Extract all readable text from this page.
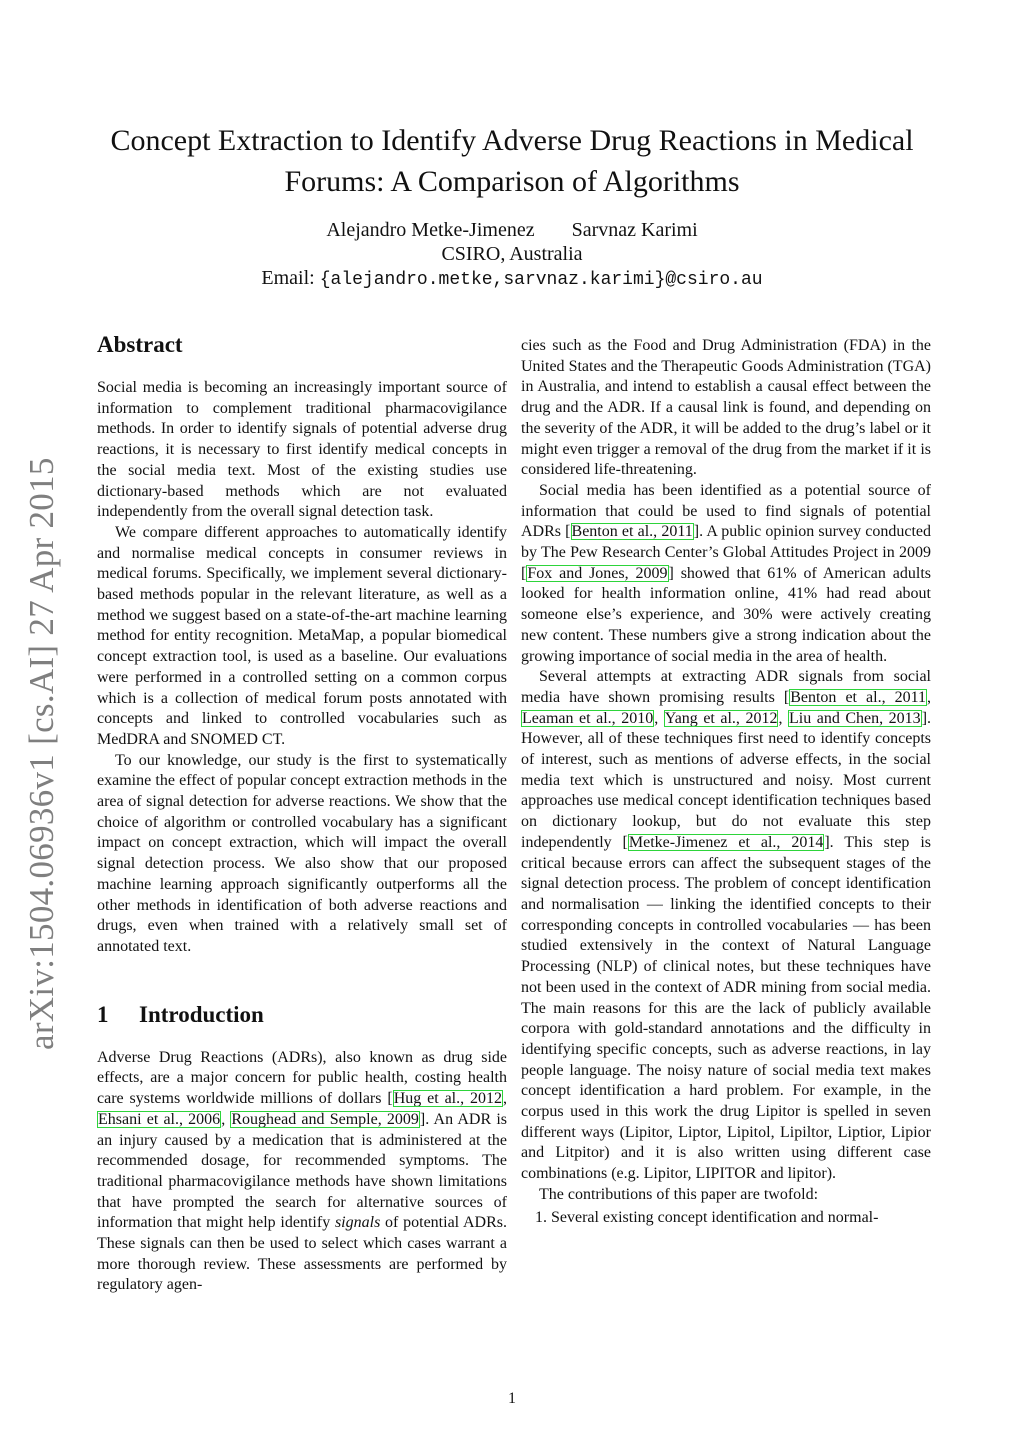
arXiv:1504.06936v1 [cs.AI] 27 Apr 2015
Concept Extraction to Identify Adverse Drug Reactions in Medical Forums: A Comparison of Algorithms
Alejandro Metke-Jimenez Sarvnaz Karimi
CSIRO, Australia
Email: {alejandro.metke,sarvnaz.karimi}@csiro.au
Abstract

Social media is becoming an increasingly important source of information to complement traditional pharmacovigilance methods. In order to identify signals of potential adverse drug reactions, it is necessary to first identify medical concepts in the social media text. Most of the existing studies use dictionary-based methods which are not evaluated independently from the overall signal detection task.

We compare different approaches to automatically identify and normalise medical concepts in consumer reviews in medical forums. Specifically, we implement several dictionary-based methods popular in the relevant literature, as well as a method we suggest based on a state-of-the-art machine learning method for entity recognition. MetaMap, a popular biomedical concept extraction tool, is used as a baseline. Our evaluations were performed in a controlled setting on a common corpus which is a collection of medical forum posts annotated with concepts and linked to controlled vocabularies such as MedDRA and SNOMED CT.

To our knowledge, our study is the first to systematically examine the effect of popular concept extraction methods in the area of signal detection for adverse reactions. We show that the choice of algorithm or controlled vocabulary has a significant impact on concept extraction, which will impact the overall signal detection process. We also show that our proposed machine learning approach significantly outperforms all the other methods in identification of both adverse reactions and drugs, even when trained with a relatively small set of annotated text.

1 Introduction

Adverse Drug Reactions (ADRs), also known as drug side effects, are a major concern for public health, costing health care systems worldwide millions of dollars [Hug et al., 2012, Ehsani et al., 2006, Roughead and Semple, 2009]. An ADR is an injury caused by a medication that is administered at the recommended dosage, for recommended symptoms. The traditional pharmacovigilance methods have shown limitations that have prompted the search for alternative sources of information that might help identify signals of potential ADRs. These signals can then be used to select which cases warrant a more thorough review. These assessments are performed by regulatory agen-

cies such as the Food and Drug Administration (FDA) in the United States and the Therapeutic Goods Administration (TGA) in Australia, and intend to establish a causal effect between the drug and the ADR. If a causal link is found, and depending on the severity of the ADR, it will be added to the drug’s label or it might even trigger a removal of the drug from the market if it is considered life-threatening.

Social media has been identified as a potential source of information that could be used to find signals of potential ADRs [Benton et al., 2011]. A public opinion survey conducted by The Pew Research Center’s Global Attitudes Project in 2009 [Fox and Jones, 2009] showed that 61% of American adults looked for health information online, 41% had read about someone else’s experience, and 30% were actively creating new content. These numbers give a strong indication about the growing importance of social media in the area of health.

Several attempts at extracting ADR signals from social media have shown promising results [Benton et al., 2011, Leaman et al., 2010, Yang et al., 2012, Liu and Chen, 2013]. However, all of these techniques first need to identify concepts of interest, such as mentions of adverse effects, in the social media text which is unstructured and noisy. Most current approaches use medical concept identification techniques based on dictionary lookup, but do not evaluate this step independently [Metke-Jimenez et al., 2014]. This step is critical because errors can affect the subsequent stages of the signal detection process. The problem of concept identification and normalisation — linking the identified concepts to their corresponding concepts in controlled vocabularies — has been studied extensively in the context of Natural Language Processing (NLP) of clinical notes, but these techniques have not been used in the context of ADR mining from social media. The main reasons for this are the lack of publicly available corpora with gold-standard annotations and the difficulty in identifying specific concepts, such as adverse reactions, in lay people language. The noisy nature of social media text makes concept identification a hard problem. For example, in the corpus used in this work the drug Lipitor is spelled in seven different ways (Lipitor, Liptor, Lipitol, Lipiltor, Liptior, Lipior and Litpitor) and it is also written using different case combinations (e.g. Lipitor, LIPITOR and lipitor).

The contributions of this paper are twofold:

1. Several existing concept identification and normal-
1
